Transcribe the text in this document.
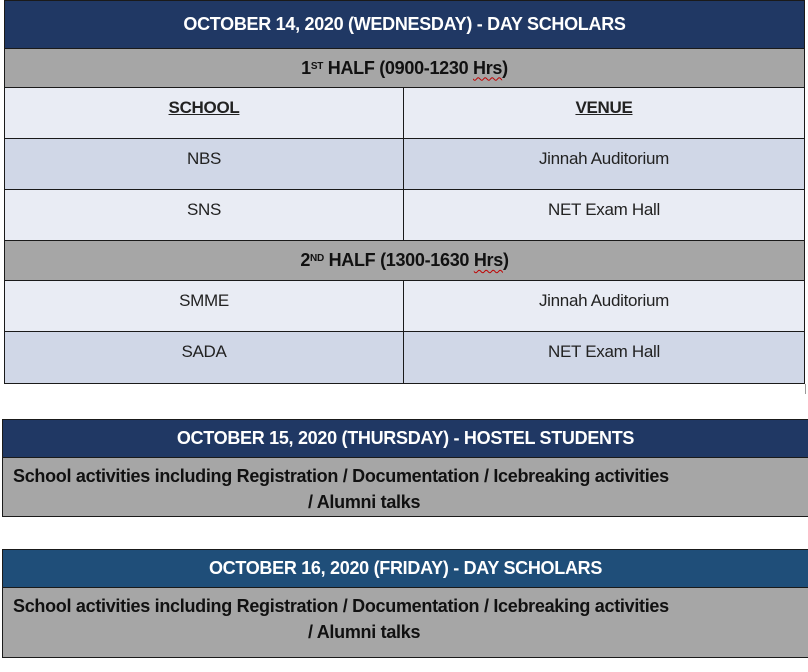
OCTOBER 14, 2020 (WEDNESDAY) - DAY SCHOLARS
1ST HALF (0900-1230 Hrs )
SCHOOL	VENUE
NBS	Jinnah Auditorium
SNS	NET Exam Hall
2ND HALF (1300-1630 Hrs )
SMME	Jinnah Auditorium
SADA	NET Exam Hall
OCTOBER 15, 2020 (THURSDAY) - HOSTEL STUDENTS
School activities including Registration / Documentation / Icebreaking activities
/ Alumni talks
OCTOBER 16, 2020 (FRIDAY) - DAY SCHOLARS
School activities including Registration / Documentation / Icebreaking activities
/ Alumni talks
